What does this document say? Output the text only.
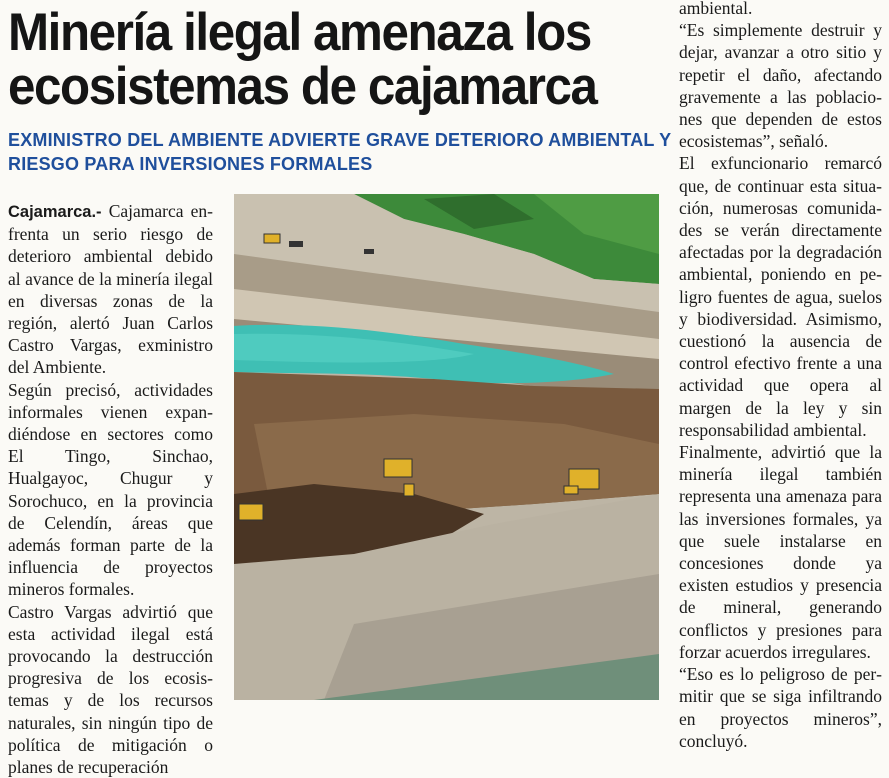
Minería ilegal amenaza los
ecosistemas de cajamarca
EXMINISTRO DEL AMBIENTE ADVIERTE GRAVE DETERIORO AMBIENTAL Y
RIESGO PARA INVERSIONES FORMALES

Cajamarca.- Cajamarca enfrenta un serio riesgo de deterioro ambiental debido al avance de la minería ilegal en diversas zonas de la región, alertó Juan Carlos Castro Vargas, exministro del Ambiente.

Según precisó, actividades informales vienen expandiéndose en sectores como El Tingo, Sinchao, Hualgayoc, Chugur y Sorochuco, en la provincia de Celendín, áreas que además forman parte de la influencia de proyectos mineros formales.

Castro Vargas advirtió que esta actividad ilegal está provocando la destrucción progresiva de los ecosistemas y de los recursos naturales, sin ningún tipo de política de mitigación o planes de recuperación

ambiental.

“Es simplemente destruir y dejar, avanzar a otro sitio y repetir el daño, afectando gravemente a las poblaciones que dependen de estos ecosistemas”, señaló.

El exfuncionario remarcó que, de continuar esta situación, numerosas comunidades se verán directamente afectadas por la degradación ambiental, poniendo en peligro fuentes de agua, suelos y biodiversidad. Asimismo, cuestionó la ausencia de control efectivo frente a una actividad que opera al margen de la ley y sin responsabilidad ambiental.

Finalmente, advirtió que la minería ilegal también representa una amenaza para las inversiones formales, ya que suele instalarse en concesiones donde ya existen estudios y presencia de mineral, generando conflictos y presiones para forzar acuerdos irregulares.

“Eso es lo peligroso de permitir que se siga infiltrando en proyectos mineros”, concluyó.
